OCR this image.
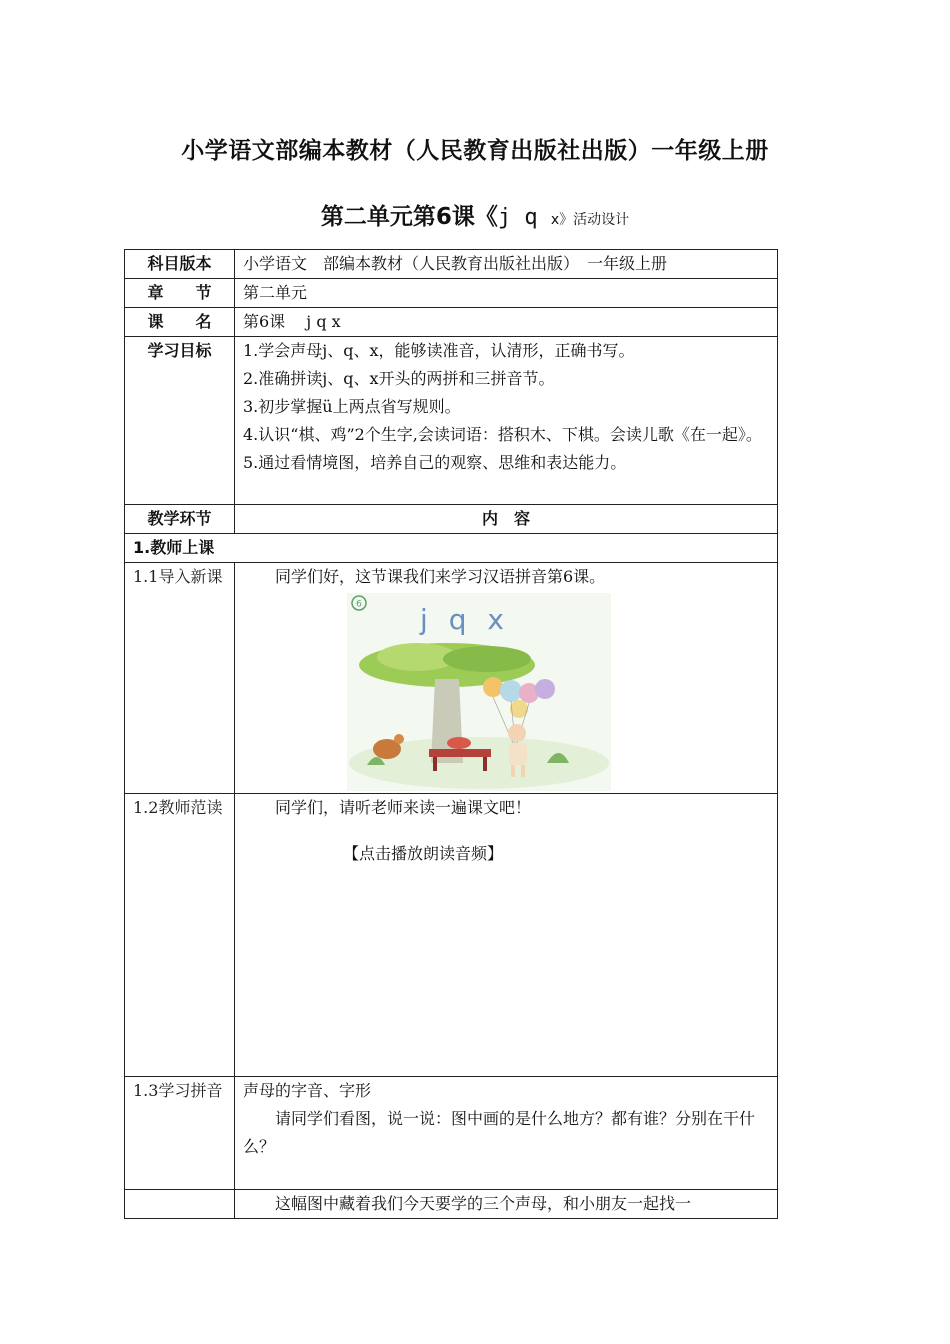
小学语文部编本教材（人民教育出版社出版）一年级上册
第二单元第6课《j q x》活动设计
科目版本	小学语文　部编本教材（人民教育出版社出版）　一年级上册
章　　节	第二单元
课　　名	第6课　 j q x
学习目标	1.学会声母j、q、x，能够读准音，认清形，正确书写。

2.准确拼读j、q、x开头的两拼和三拼音节。

3.初步掌握ü上两点省写规则。

4.认识“棋、鸡”2个生字,会读词语：搭积木、下棋。会读儿歌《在一起》。

5.通过看情境图，培养自己的观察、思维和表达能力。

教学环节	内　容
1.教师上课	
1.1导入新课	同学们好，这节课我们来学习汉语拼音第6课。
6 j q x

1.2教师范读	同学们，请听老师来读一遍课文吧！
【点击播放朗读音频】

1.3学习拼音	声母的字音、字形
请同学们看图，说一说：图中画的是什么地方？都有谁？分别在干什么？

	这幅图中藏着我们今天要学的三个声母，和小朋友一起找一
